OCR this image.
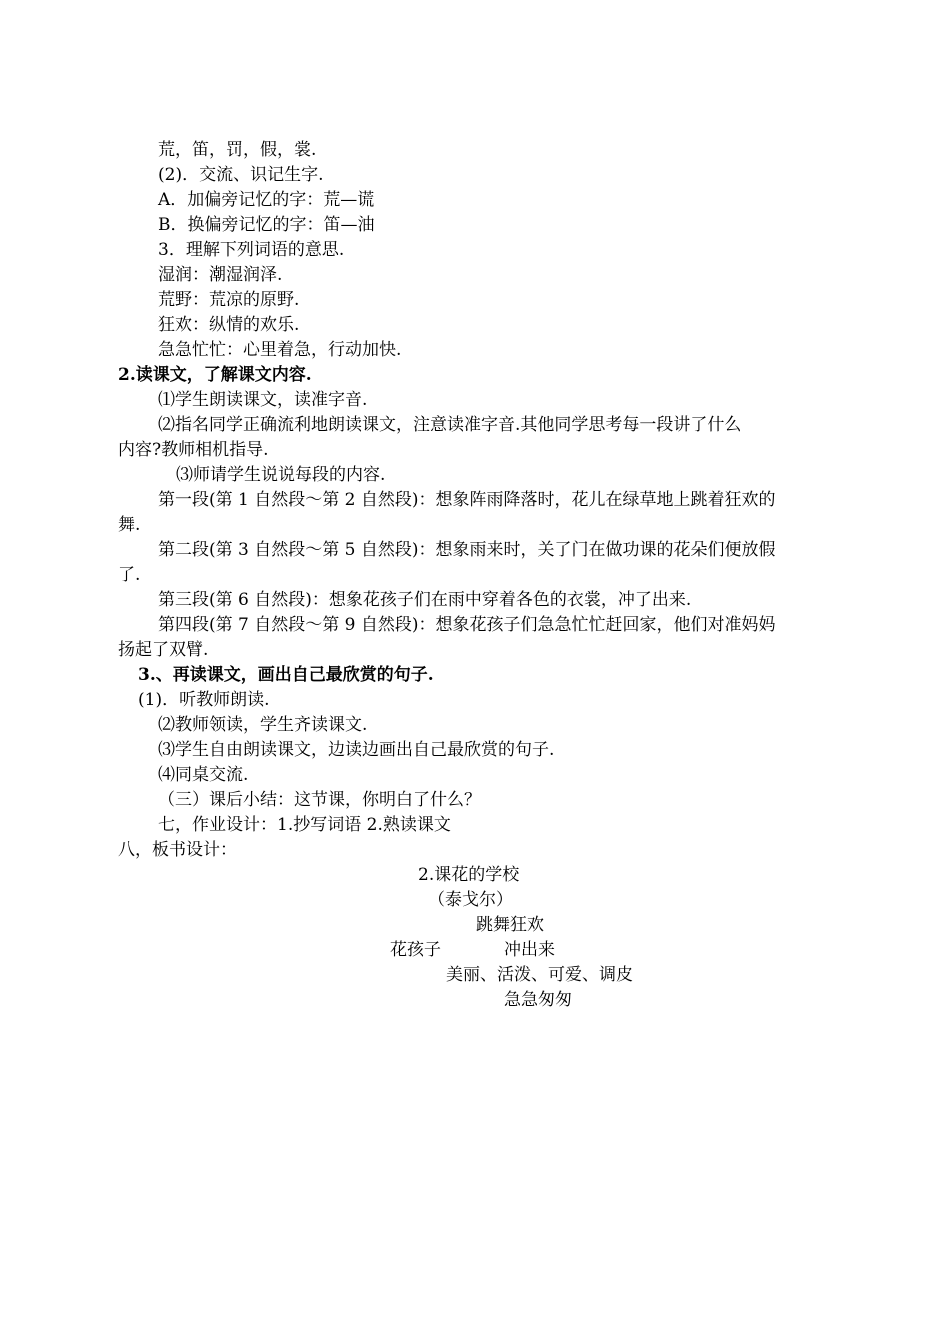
荒，笛，罚，假，裳.
(2)．交流、识记生字.
A．加偏旁记忆的字：荒—谎
B．换偏旁记忆的字：笛—油
3．理解下列词语的意思.
湿润：潮湿润泽.
荒野：荒凉的原野.
狂欢：纵情的欢乐.
急急忙忙：心里着急，行动加快.
2.读课文，了解课文内容.
⑴学生朗读课文，读准字音.
⑵指名同学正确流利地朗读课文，注意读准字音.其他同学思考每一段讲了什么
内容?教师相机指导.
⑶师请学生说说每段的内容.
第一段(第 1 自然段～第 2 自然段)：想象阵雨降落时，花儿在绿草地上跳着狂欢的
舞.
第二段(第 3 自然段～第 5 自然段)：想象雨来时，关了门在做功课的花朵们便放假
了.
第三段(第 6 自然段)：想象花孩子们在雨中穿着各色的衣裳，冲了出来.
第四段(第 7 自然段～第 9 自然段)：想象花孩子们急急忙忙赶回家，他们对准妈妈
扬起了双臂.
3.、再读课文，画出自己最欣赏的句子.
(1)．听教师朗读.
⑵教师领读，学生齐读课文.
⑶学生自由朗读课文，边读边画出自己最欣赏的句子.
⑷同桌交流.
（三）课后小结：这节课，你明白了什么？
七，作业设计：1.抄写词语 2.熟读课文
八，板书设计：
2.课花的学校
（泰戈尔）
跳舞狂欢
花孩子	冲出来
美丽、活泼、可爱、调皮
急急匆匆
